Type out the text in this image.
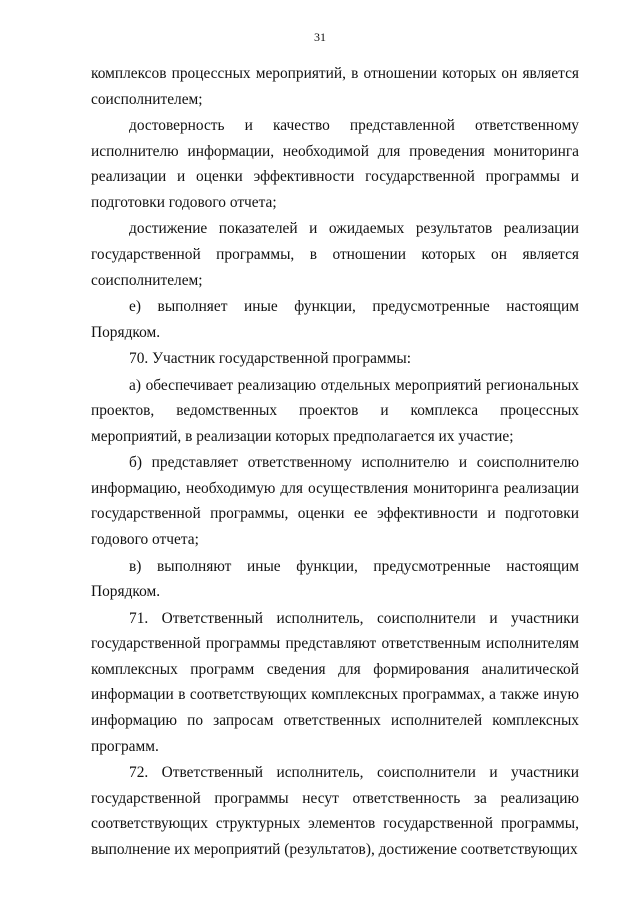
31

комплексов процессных мероприятий, в отношении которых он является соисполнителем;

достоверность и качество представленной ответственному исполнителю информации, необходимой для проведения мониторинга реализации и оценки эффективности государственной программы и подготовки годового отчета;

достижение показателей и ожидаемых результатов реализации государственной программы, в отношении которых он является соисполнителем;

е) выполняет иные функции, предусмотренные настоящим Порядком.

70. Участник государственной программы:

а) обеспечивает реализацию отдельных мероприятий региональных проектов, ведомственных проектов и комплекса процессных мероприятий, в реализации которых предполагается их участие;

б) представляет ответственному исполнителю и соисполнителю информацию, необходимую для осуществления мониторинга реализации государственной программы, оценки ее эффективности и подготовки годового отчета;

в) выполняют иные функции, предусмотренные настоящим Порядком.

71. Ответственный исполнитель, соисполнители и участники государственной программы представляют ответственным исполнителям комплексных программ сведения для формирования аналитической информации в соответствующих комплексных программах, а также иную информацию по запросам ответственных исполнителей комплексных программ.

72. Ответственный исполнитель, соисполнители и участники государственной программы несут ответственность за реализацию соответствующих структурных элементов государственной программы, выполнение их мероприятий (результатов), достижение соответствующих
